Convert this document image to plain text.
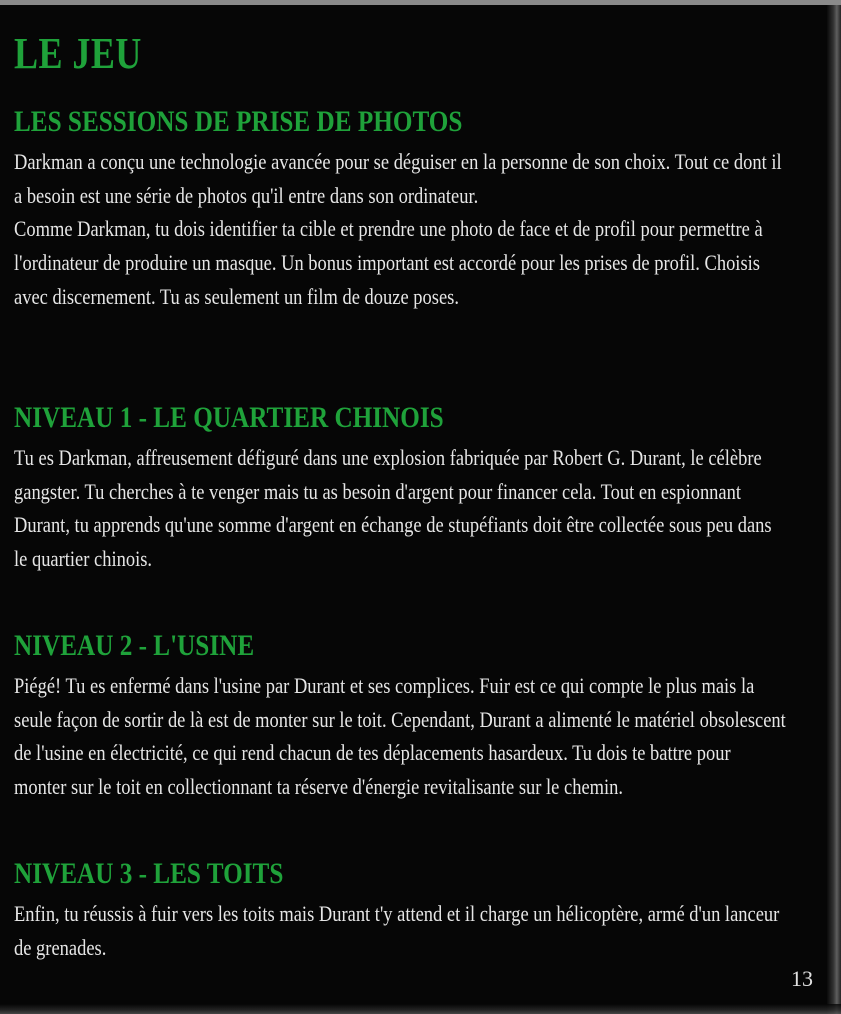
LE JEU
LES SESSIONS DE PRISE DE PHOTOS
Darkman a conçu une technologie avancée pour se déguiser en la personne de son choix. Tout ce dont il a besoin est une série de photos qu'il entre dans son ordinateur.
Comme Darkman, tu dois identifier ta cible et prendre une photo de face et de profil pour permettre à l'ordinateur de produire un masque. Un bonus important est accordé pour les prises de profil. Choisis avec discernement. Tu as seulement un film de douze poses.
NIVEAU 1 - LE QUARTIER CHINOIS
Tu es Darkman, affreusement défiguré dans une explosion fabriquée par Robert G. Durant, le célèbre gangster. Tu cherches à te venger mais tu as besoin d'argent pour financer cela. Tout en espionnant Durant, tu apprends qu'une somme d'argent en échange de stupéfiants doit être collectée sous peu dans le quartier chinois.
NIVEAU 2 - L'USINE
Piégé! Tu es enfermé dans l'usine par Durant et ses complices. Fuir est ce qui compte le plus mais la seule façon de sortir de là est de monter sur le toit. Cependant, Durant a alimenté le matériel obsolescent de l'usine en électricité, ce qui rend chacun de tes déplacements hasardeux. Tu dois te battre pour monter sur le toit en collectionnant ta réserve d'énergie revitalisante sur le chemin.
NIVEAU 3 - LES TOITS
Enfin, tu réussis à fuir vers les toits mais Durant t'y attend et il charge un hélicoptère, armé d'un lanceur de grenades.
13
